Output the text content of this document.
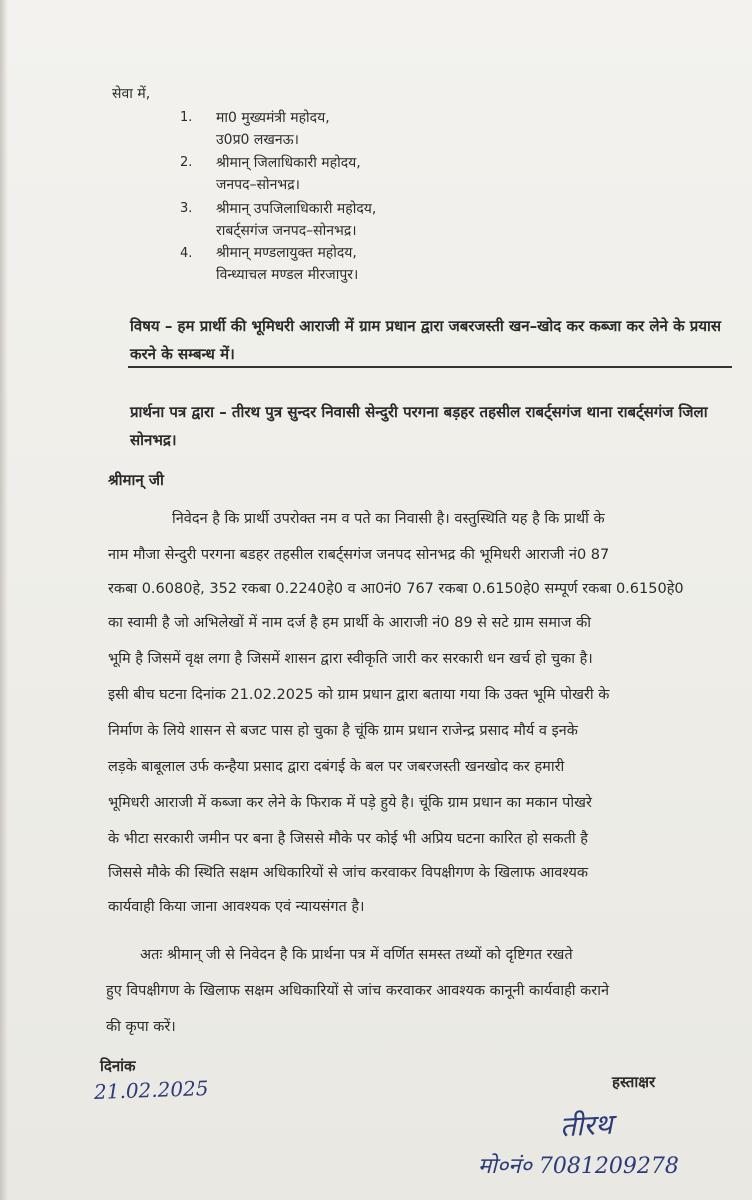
सेवा में,
1. मा0 मुख्यमंत्री महोदय,
उ0प्र0 लखनऊ।
2. श्रीमान् जिलाधिकारी महोदय,
जनपद–सोनभद्र।
3. श्रीमान् उपजिलाधिकारी महोदय,
राबर्ट्सगंज जनपद–सोनभद्र।
4. श्रीमान् मण्डलायुक्त महोदय,
विन्ध्याचल मण्डल मीरजापुर।
विषय – हम प्रार्थी की भूमिधरी आराजी में ग्राम प्रधान द्वारा जबरजस्ती खन–खोद कर कब्जा कर लेने के प्रयास करने के सम्बन्ध में।
प्रार्थना पत्र द्वारा – तीरथ पुत्र सुन्दर निवासी सेन्दुरी परगना बड़हर तहसील राबर्ट्सगंज थाना राबर्ट्सगंज जिला सोनभद्र।
श्रीमान् जी
निवेदन है कि प्रार्थी उपरोक्त नम व पते का निवासी है। वस्तुस्थिति यह है कि प्रार्थी के
नाम मौजा सेन्दुरी परगना बडहर तहसील राबर्ट्सगंज जनपद सोनभद्र की भूमिधरी आराजी नं0 87
रकबा 0.6080हे, 352 रकबा 0.2240हे0 व आ0नं0 767 रकबा 0.6150हे0 सम्पूर्ण रकबा 0.6150हे0
का स्वामी है जो अभिलेखों में नाम दर्ज है हम प्रार्थी के आराजी नं0 89 से सटे ग्राम समाज की
भूमि है जिसमें वृक्ष लगा है जिसमें शासन द्वारा स्वीकृति जारी कर सरकारी धन खर्च हो चुका है।
इसी बीच घटना दिनांक 21.02.2025 को ग्राम प्रधान द्वारा बताया गया कि उक्त भूमि पोखरी के
निर्माण के लिये शासन से बजट पास हो चुका है चूंकि ग्राम प्रधान राजेन्द्र प्रसाद मौर्य व इनके
लड़के बाबूलाल उर्फ कन्हैया प्रसाद द्वारा दबंगई के बल पर जबरजस्ती खनखोद कर हमारी
भूमिधरी आराजी में कब्जा कर लेने के फिराक में पड़े हुये है। चूंकि ग्राम प्रधान का मकान पोखरे
के भीटा सरकारी जमीन पर बना है जिससे मौके पर कोई भी अप्रिय घटना कारित हो सकती है
जिससे मौके की स्थिति सक्षम अधिकारियों से जांच करवाकर विपक्षीगण के खिलाफ आवश्यक
कार्यवाही किया जाना आवश्यक एवं न्यायसंगत है।
अतः श्रीमान् जी से निवेदन है कि प्रार्थना पत्र में वर्णित समस्त तथ्यों को दृष्टिगत रखते
हुए विपक्षीगण के खिलाफ सक्षम अधिकारियों से जांच करवाकर आवश्यक कानूनी कार्यवाही कराने
की कृपा करें।
दिनांक
21.02.2025	हस्ताक्षर
तीरथ
मो०नं० 7081209278
